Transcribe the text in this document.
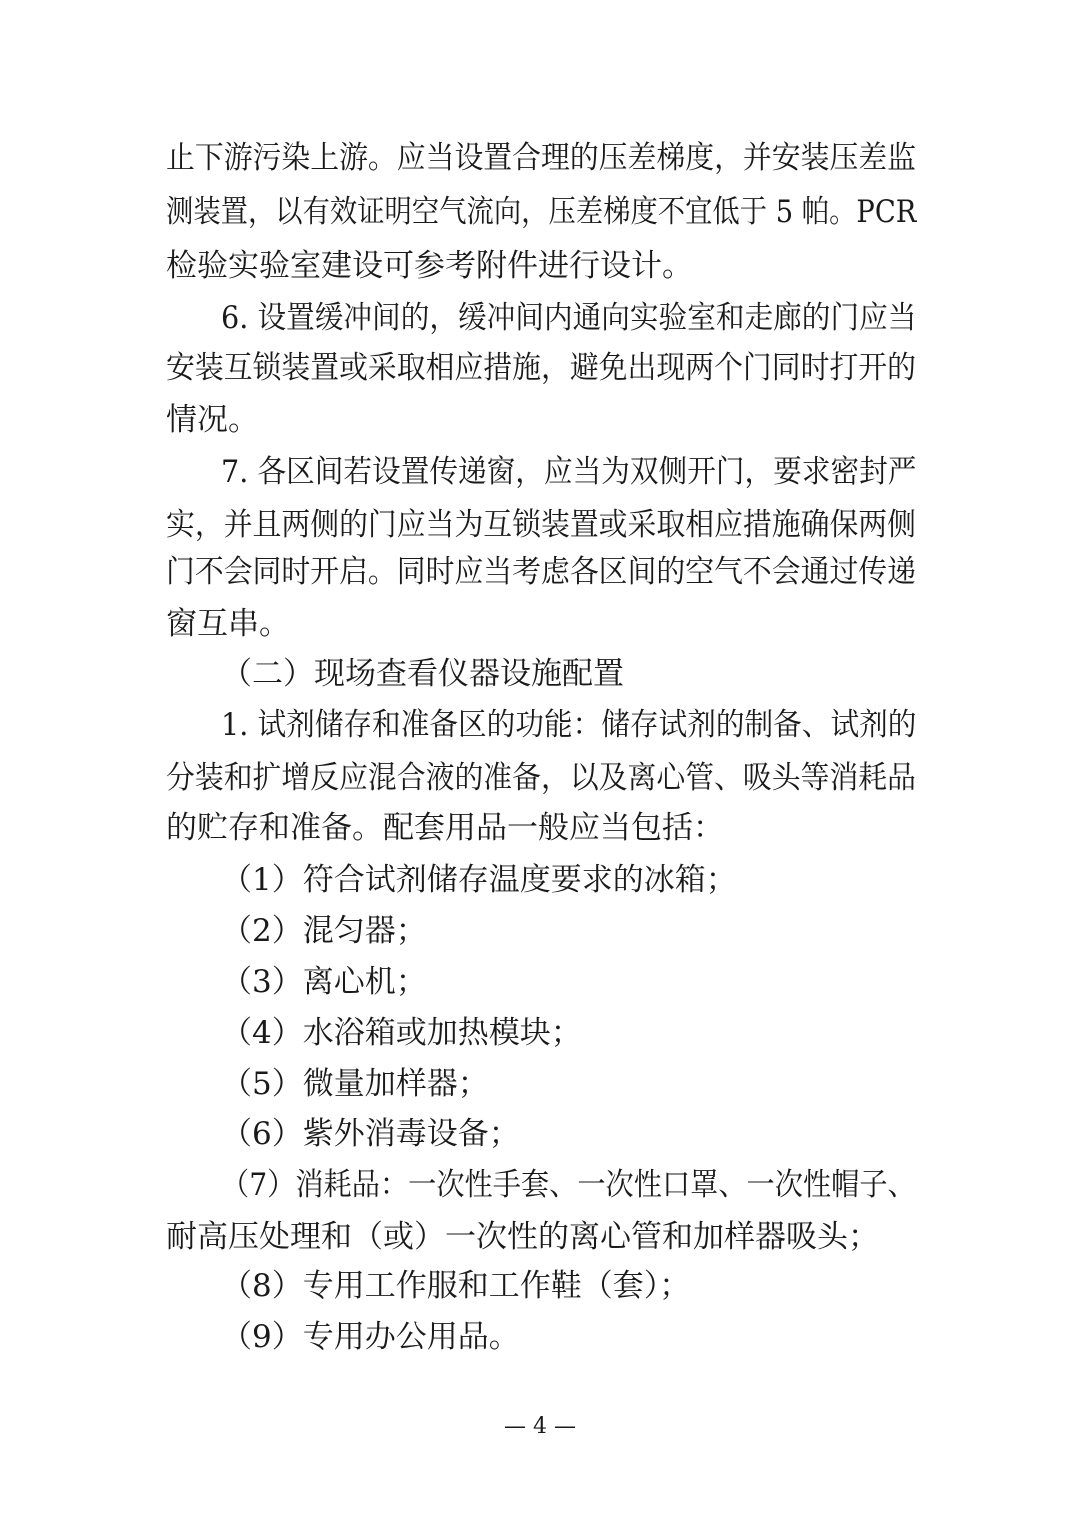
止下游污染上游。应当设置合理的压差梯度，并安装压差监
测装置，以有效证明空气流向，压差梯度不宜低于 5 帕。PCR
检验实验室建设可参考附件进行设计。
6. 设置缓冲间的，缓冲间内通向实验室和走廊的门应当
安装互锁装置或采取相应措施，避免出现两个门同时打开的
情况。
7. 各区间若设置传递窗，应当为双侧开门，要求密封严
实，并且两侧的门应当为互锁装置或采取相应措施确保两侧
门不会同时开启。同时应当考虑各区间的空气不会通过传递
窗互串。
（二）现场查看仪器设施配置
1. 试剂储存和准备区的功能：储存试剂的制备、试剂的
分装和扩增反应混合液的准备，以及离心管、吸头等消耗品
的贮存和准备。配套用品一般应当包括：
（1）符合试剂储存温度要求的冰箱；
（2）混匀器；
（3）离心机；
（4）水浴箱或加热模块；
（5）微量加样器；
（6）紫外消毒设备；
（7）消耗品：一次性手套、一次性口罩、一次性帽子、
耐高压处理和（或）一次性的离心管和加样器吸头；
（8）专用工作服和工作鞋（套）；
（9）专用办公用品。
— 4 —
